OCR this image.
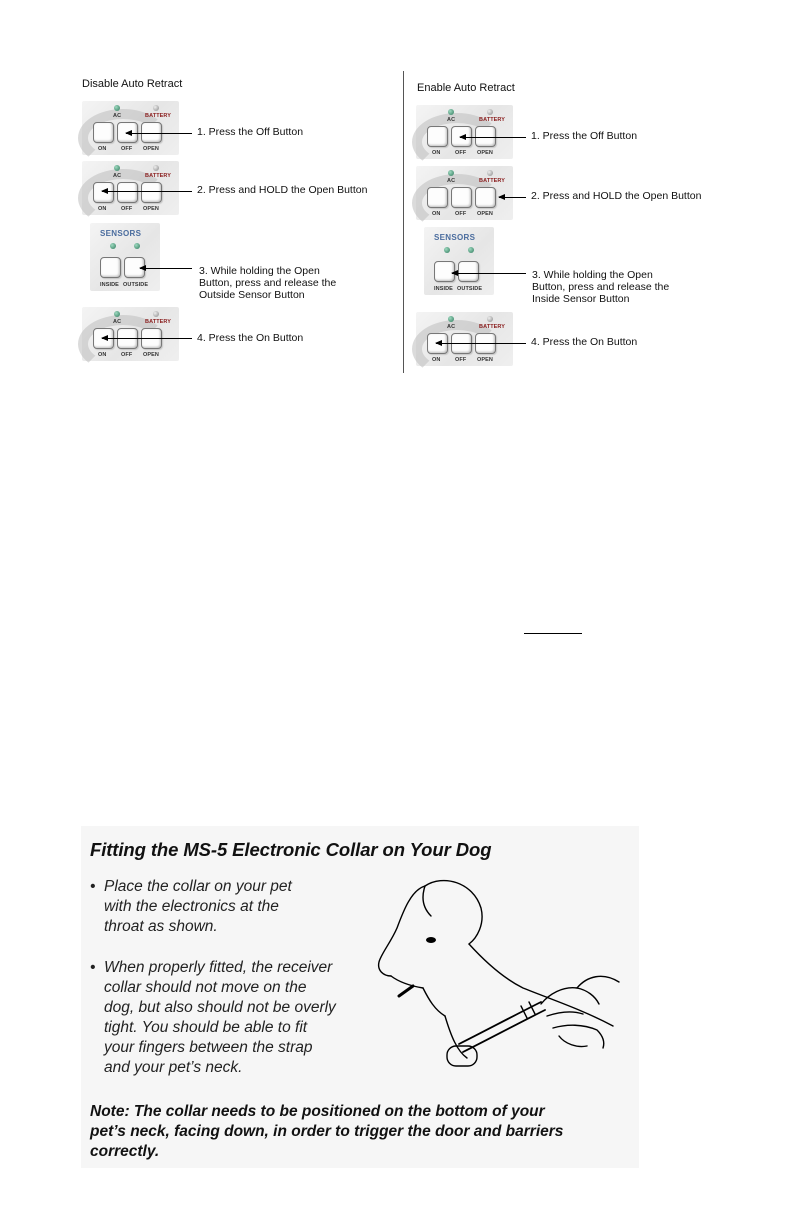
Disable Auto Retract
AC	BATTERY
ON	OFF OPEN
1. Press the Off Button
AC	BATTERY
ON	OFF OPEN
2. Press and HOLD the Open Button
SENSORS
INSIDE OUTSIDE
3. While holding the Open
Button, press and release the
Outside Sensor Button
AC	BATTERY
ON	OFF OPEN
4. Press the On Button
Enable Auto Retract
AC	BATTERY
ON	OFF OPEN
1. Press the Off Button
AC	BATTERY
ON	OFF OPEN
2. Press and HOLD the Open Button
SENSORS
INSIDE OUTSIDE
3. While holding the Open
Button, press and release the
Inside Sensor Button
AC	BATTERY
ON	OFF OPEN
4. Press the On Button
Fitting the MS-5 Electronic Collar on Your Dog
• Place the collar on your pet
with the electronics at the
throat as shown.
• When properly fitted, the receiver
collar should not move on the
dog, but also should not be overly
tight. You should be able to fit
your fingers between the strap
and your pet’s neck.
Note: The collar needs to be positioned on the bottom of your
pet’s neck, facing down, in order to trigger the door and barriers
correctly.
